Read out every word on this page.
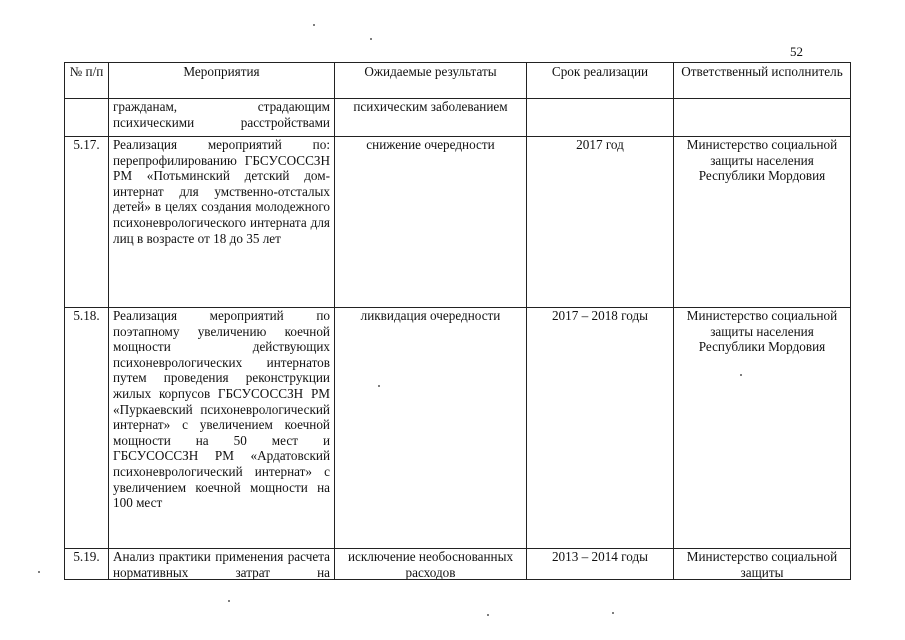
52
№ п/п	Мероприятия	Ожидаемые результаты	Срок реализации	Ответственный исполнитель
	гражданам, страдающим психическими расстройствами	психическим заболеванием		
5.17.	Реализация мероприятий по: перепрофилированию ГБСУСОССЗН РМ «Потьминский детский дом-интернат для умственно-отсталых детей» в целях создания молодежного психоневрологического интерната для лиц в возрасте от 18 до 35 лет	снижение очередности	2017 год	Министерство социальной защиты населения Республики Мордовия
5.18.	Реализация мероприятий по поэтапному увеличению коечной мощности действующих психоневрологических интернатов путем проведения реконструкции жилых корпусов ГБСУСОССЗН РМ «Пуркаевский психоневрологический интернат» с увеличением коечной мощности на 50 мест и ГБСУСОССЗН РМ «Ардатовский психоневрологический интернат» с увеличением коечной мощности на 100 мест	ликвидация очередности	2017 – 2018 годы	Министерство социальной защиты населения Республики Мордовия

5.19.	Анализ практики применения расчета нормативных затрат на	исключение необоснованных расходов	2013 – 2014 годы	Министерство социальной защиты
